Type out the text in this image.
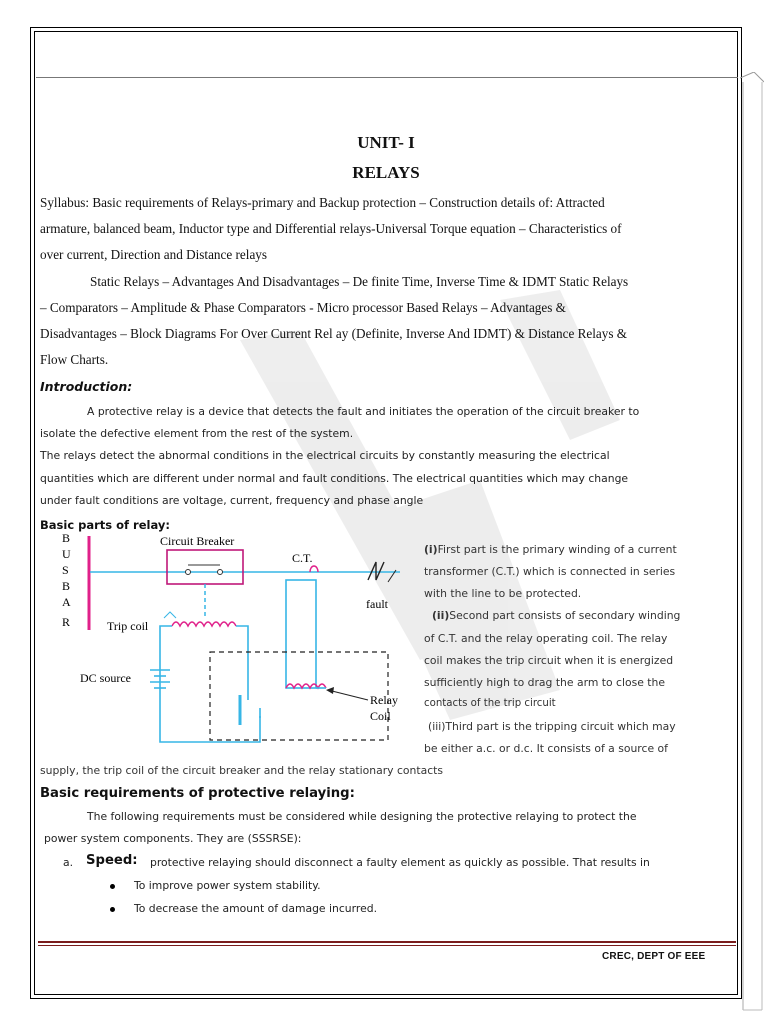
UNIT- I
RELAYS
Syllabus: Basic requirements of Relays-primary and Backup protection – Construction details of: Attracted
armature, balanced beam, Inductor type and Differential relays-Universal Torque equation – Characteristics of
over current, Direction and Distance relays
Static Relays – Advantages And Disadvantages – De finite Time, Inverse Time & IDMT Static Relays
– Comparators – Amplitude & Phase Comparators - Micro processor Based Relays – Advantages &
Disadvantages – Block Diagrams For Over Current Rel ay (Definite, Inverse And IDMT) & Distance Relays &
Flow Charts.
Introduction:
A protective relay is a device that detects the fault and initiates the operation of the circuit breaker to
isolate the defective element from the rest of the system.
The relays detect the abnormal conditions in the electrical circuits by constantly measuring the electrical
quantities which are different under normal and fault conditions. The electrical quantities which may change
under fault conditions are voltage, current, frequency and phase angle
Basic parts of relay:
B
U
S
B
A
R
Circuit Breaker
C.T.
fault
Trip coil
DC source
Relay
Coil
(i)First part is the primary winding of a current
transformer (C.T.) which is connected in series
with the line to be protected.
(ii)Second part consists of secondary winding
of C.T. and the relay operating coil. The relay
coil makes the trip circuit when it is energized
sufficiently high to drag the arm to close the
contacts of the trip circuit
(iii)Third part is the tripping circuit which may
be either a.c. or d.c. It consists of a source of
supply, the trip coil of the circuit breaker and the relay stationary contacts
Basic requirements of protective relaying:
The following requirements must be considered while designing the protective relaying to protect the
power system components. They are (SSSRSE):
a. Speed: protective relaying should disconnect a faulty element as quickly as possible. That results in
To improve power system stability.
To decrease the amount of damage incurred.
CREC, DEPT OF EEE
